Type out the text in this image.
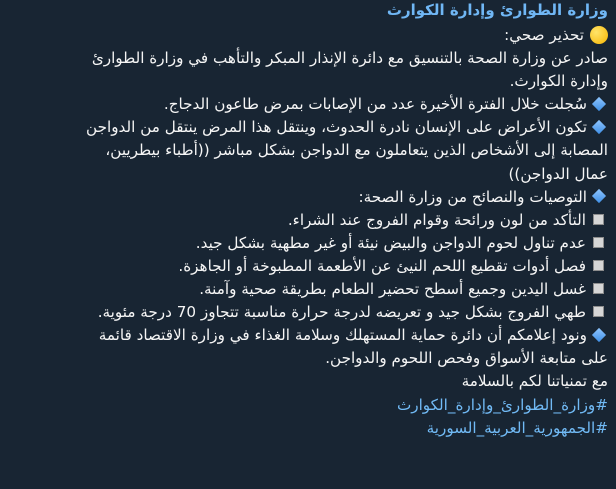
وزارة الطوارئ وإدارة الكوارث
تحذير صحي:
صادر عن وزارة الصحة بالتنسيق مع دائرة الإنذار المبكر والتأهب في وزارة الطوارئ
وإدارة الكوارث.
سُجلت خلال الفترة الأخيرة عدد من الإصابات بمرض طاعون الدجاج.
تكون الأعراض على الإنسان نادرة الحدوث، وينتقل هذا المرض ينتقل من الدواجن
المصابة إلى الأشخاص الذين يتعاملون مع الدواجن بشكل مباشر ((أطباء بيطريين،
عمال الدواجن))
التوصيات والنصائح من وزارة الصحة:
التأكد من لون ورائحة وقوام الفروج عند الشراء.
عدم تناول لحوم الدواجن والبيض نيئة أو غير مطهية بشكل جيد.
فصل أدوات تقطيع اللحم النيئ عن الأطعمة المطبوخة أو الجاهزة.
غسل اليدين وجميع أسطح تحضير الطعام بطريقة صحية وآمنة.
طهي الفروج بشكل جيد و تعريضه لدرجة حرارة مناسبة تتجاوز 70 درجة مئوية.
ونود إعلامكم أن دائرة حماية المستهلك وسلامة الغذاء في وزارة الاقتصاد قائمة
على متابعة الأسواق وفحص اللحوم والدواجن.
مع تمنياتنا لكم بالسلامة
#وزارة_الطوارئ_وإدارة_الكوارث
#الجمهورية_العربية_السورية
